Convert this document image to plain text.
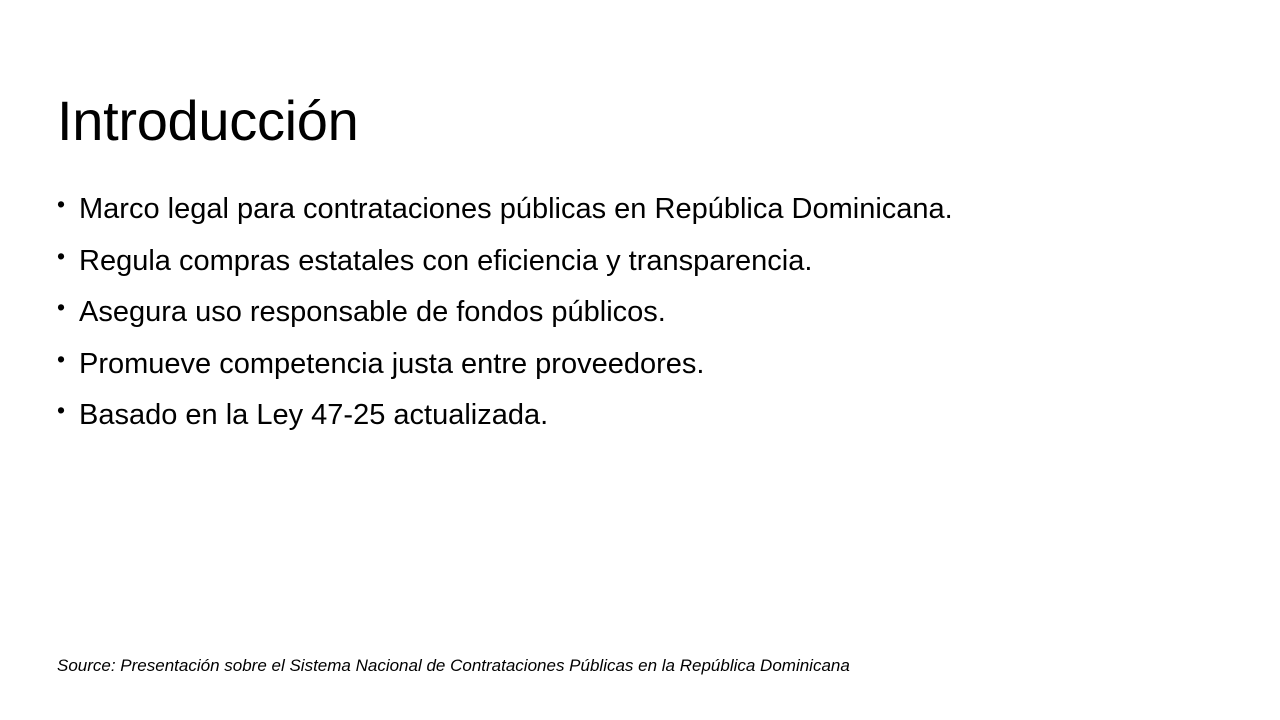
Introducción
• Marco legal para contrataciones públicas en República Dominicana.
• Regula compras estatales con eficiencia y transparencia.
• Asegura uso responsable de fondos públicos.
• Promueve competencia justa entre proveedores.
• Basado en la Ley 47-25 actualizada.
Source: Presentación sobre el Sistema Nacional de Contrataciones Públicas en la República Dominicana
